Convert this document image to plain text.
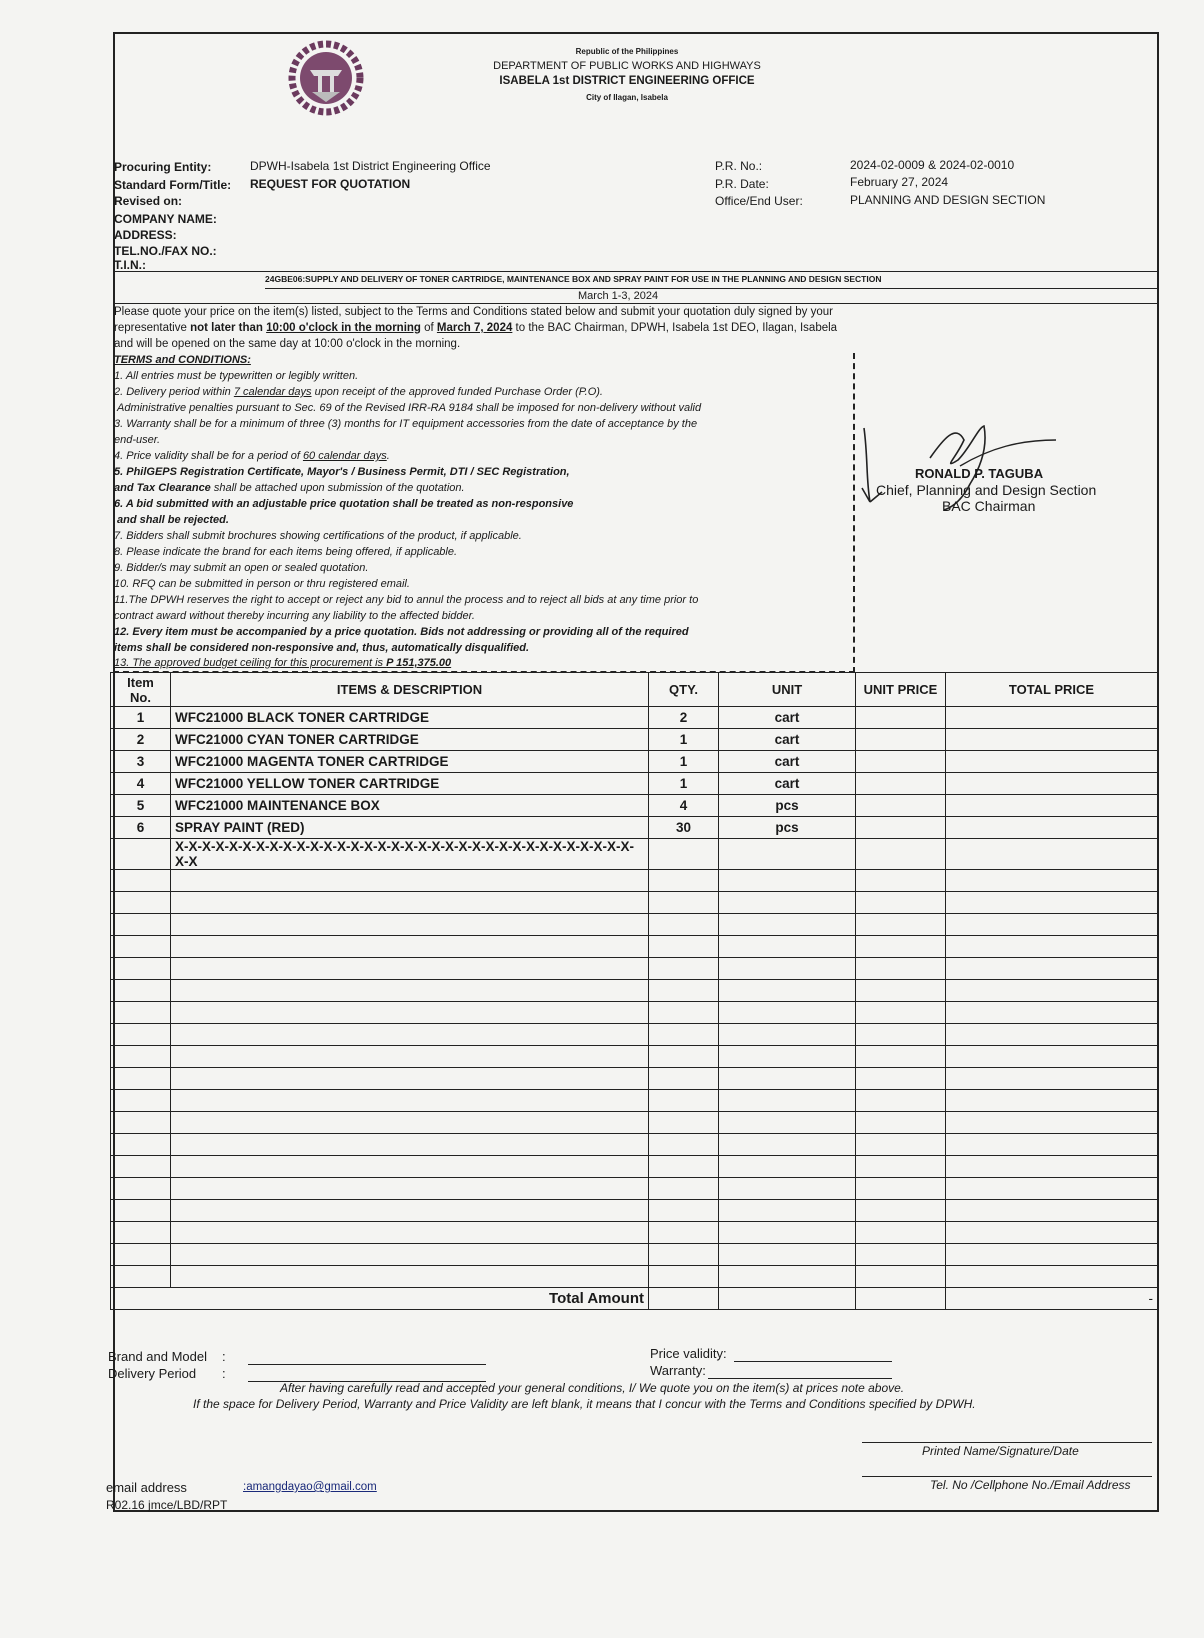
Republic of the Philippines
DEPARTMENT OF PUBLIC WORKS AND HIGHWAYS
ISABELA 1st DISTRICT ENGINEERING OFFICE
City of Ilagan, Isabela
Procuring Entity:	DPWH-Isabela 1st District Engineering Office
Standard Form/Title: REQUEST FOR QUOTATION
Revised on:
COMPANY NAME:
ADDRESS:
TEL.NO./FAX NO.:
T.I.N.:
P.R. No.:	2024-02-0009 & 2024-02-0010
P.R. Date:	February 27, 2024
Office/End User:	PLANNING AND DESIGN SECTION
24GBE06:SUPPLY AND DELIVERY OF TONER CARTRIDGE, MAINTENANCE BOX AND SPRAY PAINT FOR USE IN THE PLANNING AND DESIGN SECTION
March 1-3, 2024
Please quote your price on the item(s) listed, subject to the Terms and Conditions stated below and submit your quotation duly signed by your
representative not later than 10:00 o'clock in the morning of March 7, 2024 to the BAC Chairman, DPWH, Isabela 1st DEO, Ilagan, Isabela
and will be opened on the same day at 10:00 o'clock in the morning.
TERMS and CONDITIONS:
1. All entries must be typewritten or legibly written.
2. Delivery period within 7 calendar days upon receipt of the approved funded Purchase Order (P.O).
Administrative penalties pursuant to Sec. 69 of the Revised IRR-RA 9184 shall be imposed for non-delivery without valid
3. Warranty shall be for a minimum of three (3) months for IT equipment accessories from the date of acceptance by the
end-user.
4. Price validity shall be for a period of 60 calendar days.
5. PhilGEPS Registration Certificate, Mayor's / Business Permit, DTI / SEC Registration,
and Tax Clearance shall be attached upon submission of the quotation.
6. A bid submitted with an adjustable price quotation shall be treated as non-responsive
and shall be rejected.
7. Bidders shall submit brochures showing certifications of the product, if applicable.
8. Please indicate the brand for each items being offered, if applicable.
9. Bidder/s may submit an open or sealed quotation.
10. RFQ can be submitted in person or thru registered email.
11.The DPWH reserves the right to accept or reject any bid to annul the process and to reject all bids at any time prior to
contract award without thereby incurring any liability to the affected bidder.
12. Every item must be accompanied by a price quotation. Bids not addressing or providing all of the required
items shall be considered non-responsive and, thus, automatically disqualified.
13. The approved budget ceiling for this procurement is P 151,375.00
RONALD P. TAGUBA
Chief, Planning and Design Section
BAC Chairman
Item No.	ITEMS & DESCRIPTION	QTY.	UNIT	UNIT PRICE	TOTAL PRICE
1	WFC21000 BLACK TONER CARTRIDGE	2	cart		
2	WFC21000 CYAN TONER CARTRIDGE	1	cart		
3	WFC21000 MAGENTA TONER CARTRIDGE	1	cart		
4	WFC21000 YELLOW TONER CARTRIDGE	1	cart		
5	WFC21000 MAINTENANCE BOX	4	pcs		
6	SPRAY PAINT (RED)	30	pcs		
	X-X-X-X-X-X-X-X-X-X-X-X-X-X-X-X-X-X-X-X-X-X-X-X-X-X-X-X-X-X-X-X-X-X-X-X				

Total Amount					-
Brand and Model :
Delivery Period :
Price validity:
Warranty:
After having carefully read and accepted your general conditions, I/ We quote you on the item(s) at prices note above.
If the space for Delivery Period, Warranty and Price Validity are left blank, it means that I concur with the Terms and Conditions specified by DPWH.
Printed Name/Signature/Date
Tel. No /Cellphone No./Email Address
email address	:amangdayao@gmail.com
R02.16 jmce/LBD/RPT
